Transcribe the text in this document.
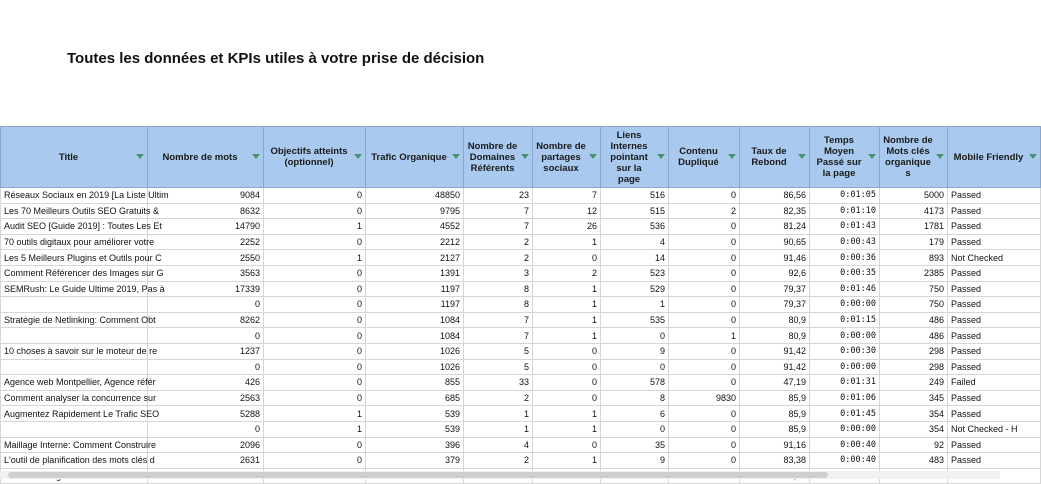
Toutes les données et KPIs utiles à votre prise de décision
Title	Nombre de mots	Objectifs atteints (optionnel)	Trafic Organique	Nombre de Domaines Référents	Nombre de partages sociaux	Liens Internes pointant sur la page	Contenu Dupliqué	Taux de Rebond	Temps Moyen Passé sur la page	Nombre de Mots clés organique s	Mobile Friendly

Réseaux Sociaux en 2019 [La Liste Ultim	9084	0	48850	23	7	516	0	86,56	0:01:05	5000	Passed
Les 70 Meilleurs Outils SEO Gratuits &	8632	0	9795	7	12	515	2	82,35	0:01:10	4173	Passed
Audit SEO [Guide 2019] : Toutes Les Et	14790	1	4552	7	26	536	0	81,24	0:01:43	1781	Passed
70 outils digitaux pour améliorer votre	2252	0	2212	2	1	4	0	90,65	0:00:43	179	Passed
Les 5 Meilleurs Plugins et Outils pour C	2550	1	2127	2	0	14	0	91,46	0:00:36	893	Not Checked
Comment Référencer des Images sur G	3563	0	1391	3	2	523	0	92,6	0:00:35	2385	Passed
SEMRush: Le Guide Ultime 2019, Pas à	17339	0	1197	8	1	529	0	79,37	0:01:46	750	Passed
	0	0	1197	8	1	1	0	79,37	0:00:00	750	Passed
Stratégie de Netlinking: Comment Obt	8262	0	1084	7	1	535	0	80,9	0:01:15	486	Passed
	0	0	1084	7	1	0	1	80,9	0:00:00	486	Passed
10 choses à savoir sur le moteur de re	1237	0	1026	5	0	9	0	91,42	0:00:30	298	Passed
	0	0	1026	5	0	0	0	91,42	0:00:00	298	Passed
Agence web Montpellier, Agence référ	426	0	855	33	0	578	0	47,19	0:01:31	249	Failed
Comment analyser la concurrence sur	2563	0	685	2	0	8	9830	85,9	0:01:06	345	Passed
Augmentez Rapidement Le Trafic SEO	5288	1	539	1	1	6	0	85,9	0:01:45	354	Passed
	0	1	539	1	1	0	0	85,9	0:00:00	354	Not Checked - H
Maillage Interne: Comment Construire	2096	0	396	4	0	35	0	91,16	0:00:40	92	Passed
L'outil de planification des mots clés d	2631	0	379	2	1	9	0	83,38	0:00:40	483	Passed
